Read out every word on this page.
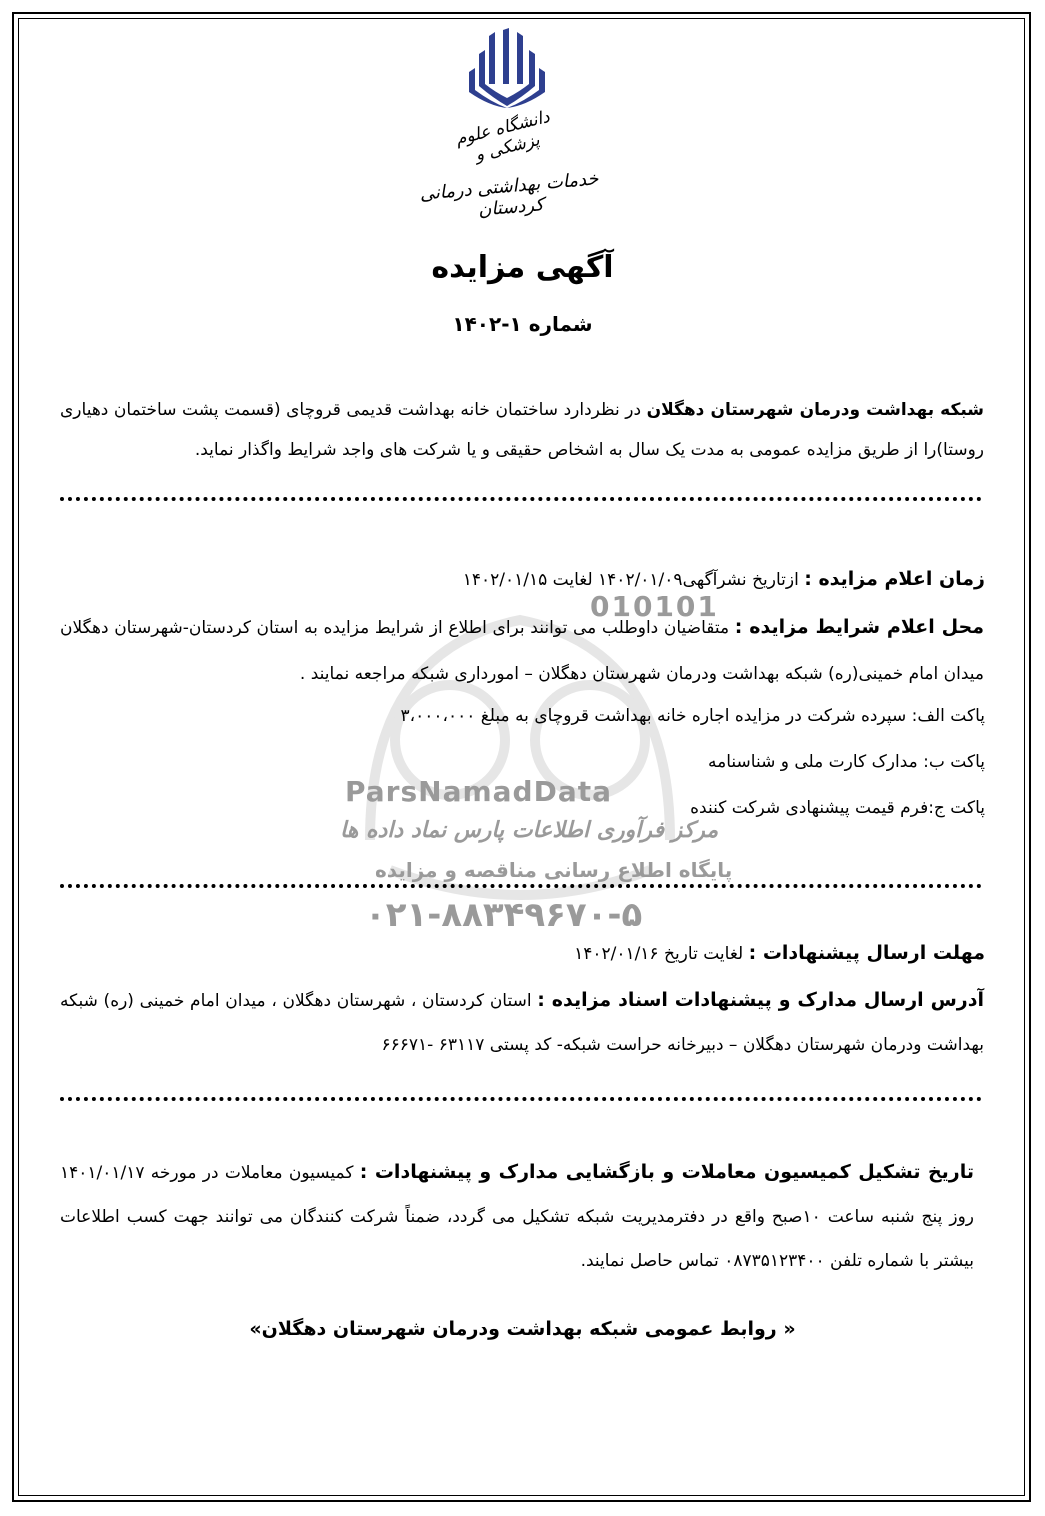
دانشگاه علوم پزشکی و
خدمات بهداشتی درمانی کردستان
010101
ParsNamadData
مرکز فرآوری اطلاعات پارس نماد داده ها
پایگاه اطلاع رسانی مناقصه و مزایده
۰۲۱-۸۸۳۴۹۶۷۰-۵
آگهی مزایده
شماره ۱-۱۴۰۲
شبکه بهداشت ودرمان شهرستان دهگلان در نظردارد ساختمان خانه بهداشت قدیمی قروچای (قسمت پشت ساختمان دهیاری روستا)را از طریق مزایده عمومی به مدت یک سال به اشخاص حقیقی و یا شرکت های واجد شرایط واگذار نماید.
زمان اعلام مزایده : ازتاریخ نشرآگهی۱۴۰۲/۰۱/۰۹ لغایت ۱۴۰۲/۰۱/۱۵
محل اعلام شرایط مزایده : متقاضیان داوطلب می توانند برای اطلاع از شرایط مزایده به استان کردستان-شهرستان دهگلان میدان امام خمینی(ره) شبکه بهداشت ودرمان شهرستان دهگلان – امورداری شبکه مراجعه نمایند .
پاکت الف: سپرده شرکت در مزایده اجاره خانه بهداشت قروچای به مبلغ ۳،۰۰۰،۰۰۰
پاکت ب: مدارک کارت ملی و شناسنامه
پاکت ج:فرم قیمت پیشنهادی شرکت کننده
مهلت ارسال پیشنهادات : لغایت تاریخ ۱۴۰۲/۰۱/۱۶
آدرس ارسال مدارک و پیشنهادات اسناد مزایده : استان کردستان ، شهرستان دهگلان ، میدان امام خمینی (ره) شبکه بهداشت ودرمان شهرستان دهگلان – دبیرخانه حراست شبکه- کد پستی ۶۳۱۱۷ -۶۶۶۷۱
تاریخ تشکیل کمیسیون معاملات و بازگشایی مدارک و پیشنهادات : کمیسیون معاملات در مورخه ۱۴۰۱/۰۱/۱۷ روز پنج شنبه ساعت ۱۰صبح واقع در دفترمدیریت شبکه تشکیل می گردد، ضمناً شرکت کنندگان می توانند جهت کسب اطلاعات بیشتر با شماره تلفن ۰۸۷۳۵۱۲۳۴۰۰ تماس حاصل نمایند.
« روابط عمومی شبکه بهداشت ودرمان شهرستان دهگلان»
